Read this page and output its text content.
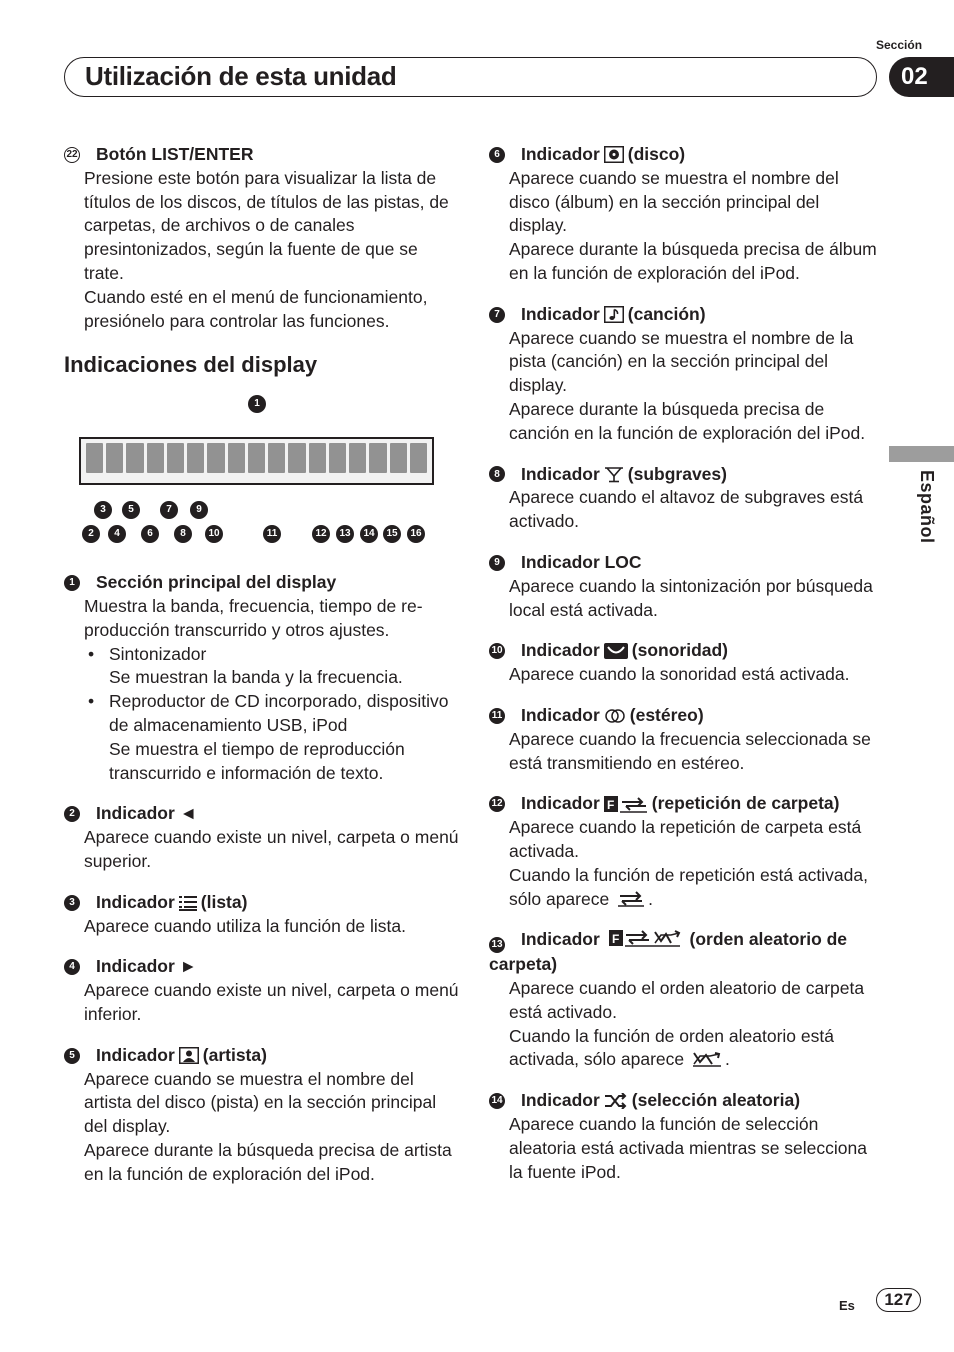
Sección
Utilización de esta unidad	02
Español
22 Botón LIST/ENTER

Presione este botón para visualizar la lista de títulos de los discos, de títulos de las pistas, de carpetas, de archivos o de canales presintonizados, según la fuente de que se trate.

Cuando esté en el menú de funcionamiento, presiónelo para controlar las funciones.

Indicaciones del display
1
3	5	7	9
2	4	6	8	10	11	12	13	14	15	16
1 Sección principal del display
Muestra la banda, frecuencia, tiempo de reproducción transcurrido y otros ajustes.
• Sintonizador
Se muestran la banda y la frecuencia.
• Reproductor de CD incorporado, dispositivo de almacenamiento USB, iPod
Se muestra el tiempo de reproducción transcurrido e información de texto.
2 Indicador ◄
Aparece cuando existe un nivel, carpeta o menú superior.
3 Indicador (lista)
Aparece cuando utiliza la función de lista.
4 Indicador ►
Aparece cuando existe un nivel, carpeta o menú inferior.
5 Indicador (artista)

Aparece cuando se muestra el nombre del artista del disco (pista) en la sección principal del display.

Aparece durante la búsqueda precisa de artista en la función de exploración del iPod.

6 Indicador (disco)

Aparece cuando se muestra el nombre del disco (álbum) en la sección principal del display.

Aparece durante la búsqueda precisa de álbum en la función de exploración del iPod.

7 Indicador (canción)

Aparece cuando se muestra el nombre de la pista (canción) en la sección principal del display.

Aparece durante la búsqueda precisa de canción en la función de exploración del iPod.

8 Indicador (subgraves)
Aparece cuando el altavoz de subgraves está activado.
9 Indicador LOC
Aparece cuando la sintonización por búsqueda local está activada.
10 Indicador (sonoridad)
Aparece cuando la sonoridad está activada.
11 Indicador (estéreo)
Aparece cuando la frecuencia seleccionada se está transmitiendo en estéreo.
12 Indicador F (repetición de carpeta)

Aparece cuando la repetición de carpeta está activada.

Cuando la función de repetición está activada, sólo aparece .

13 Indicador F	(orden aleatorio de carpeta)

Aparece cuando el orden aleatorio de carpeta está activado.

Cuando la función de orden aleatorio está activada, sólo aparece .

14 Indicador (selección aleatoria)
Aparece cuando la función de selección aleatoria está activada mientras se selecciona la fuente iPod.
Es	127
